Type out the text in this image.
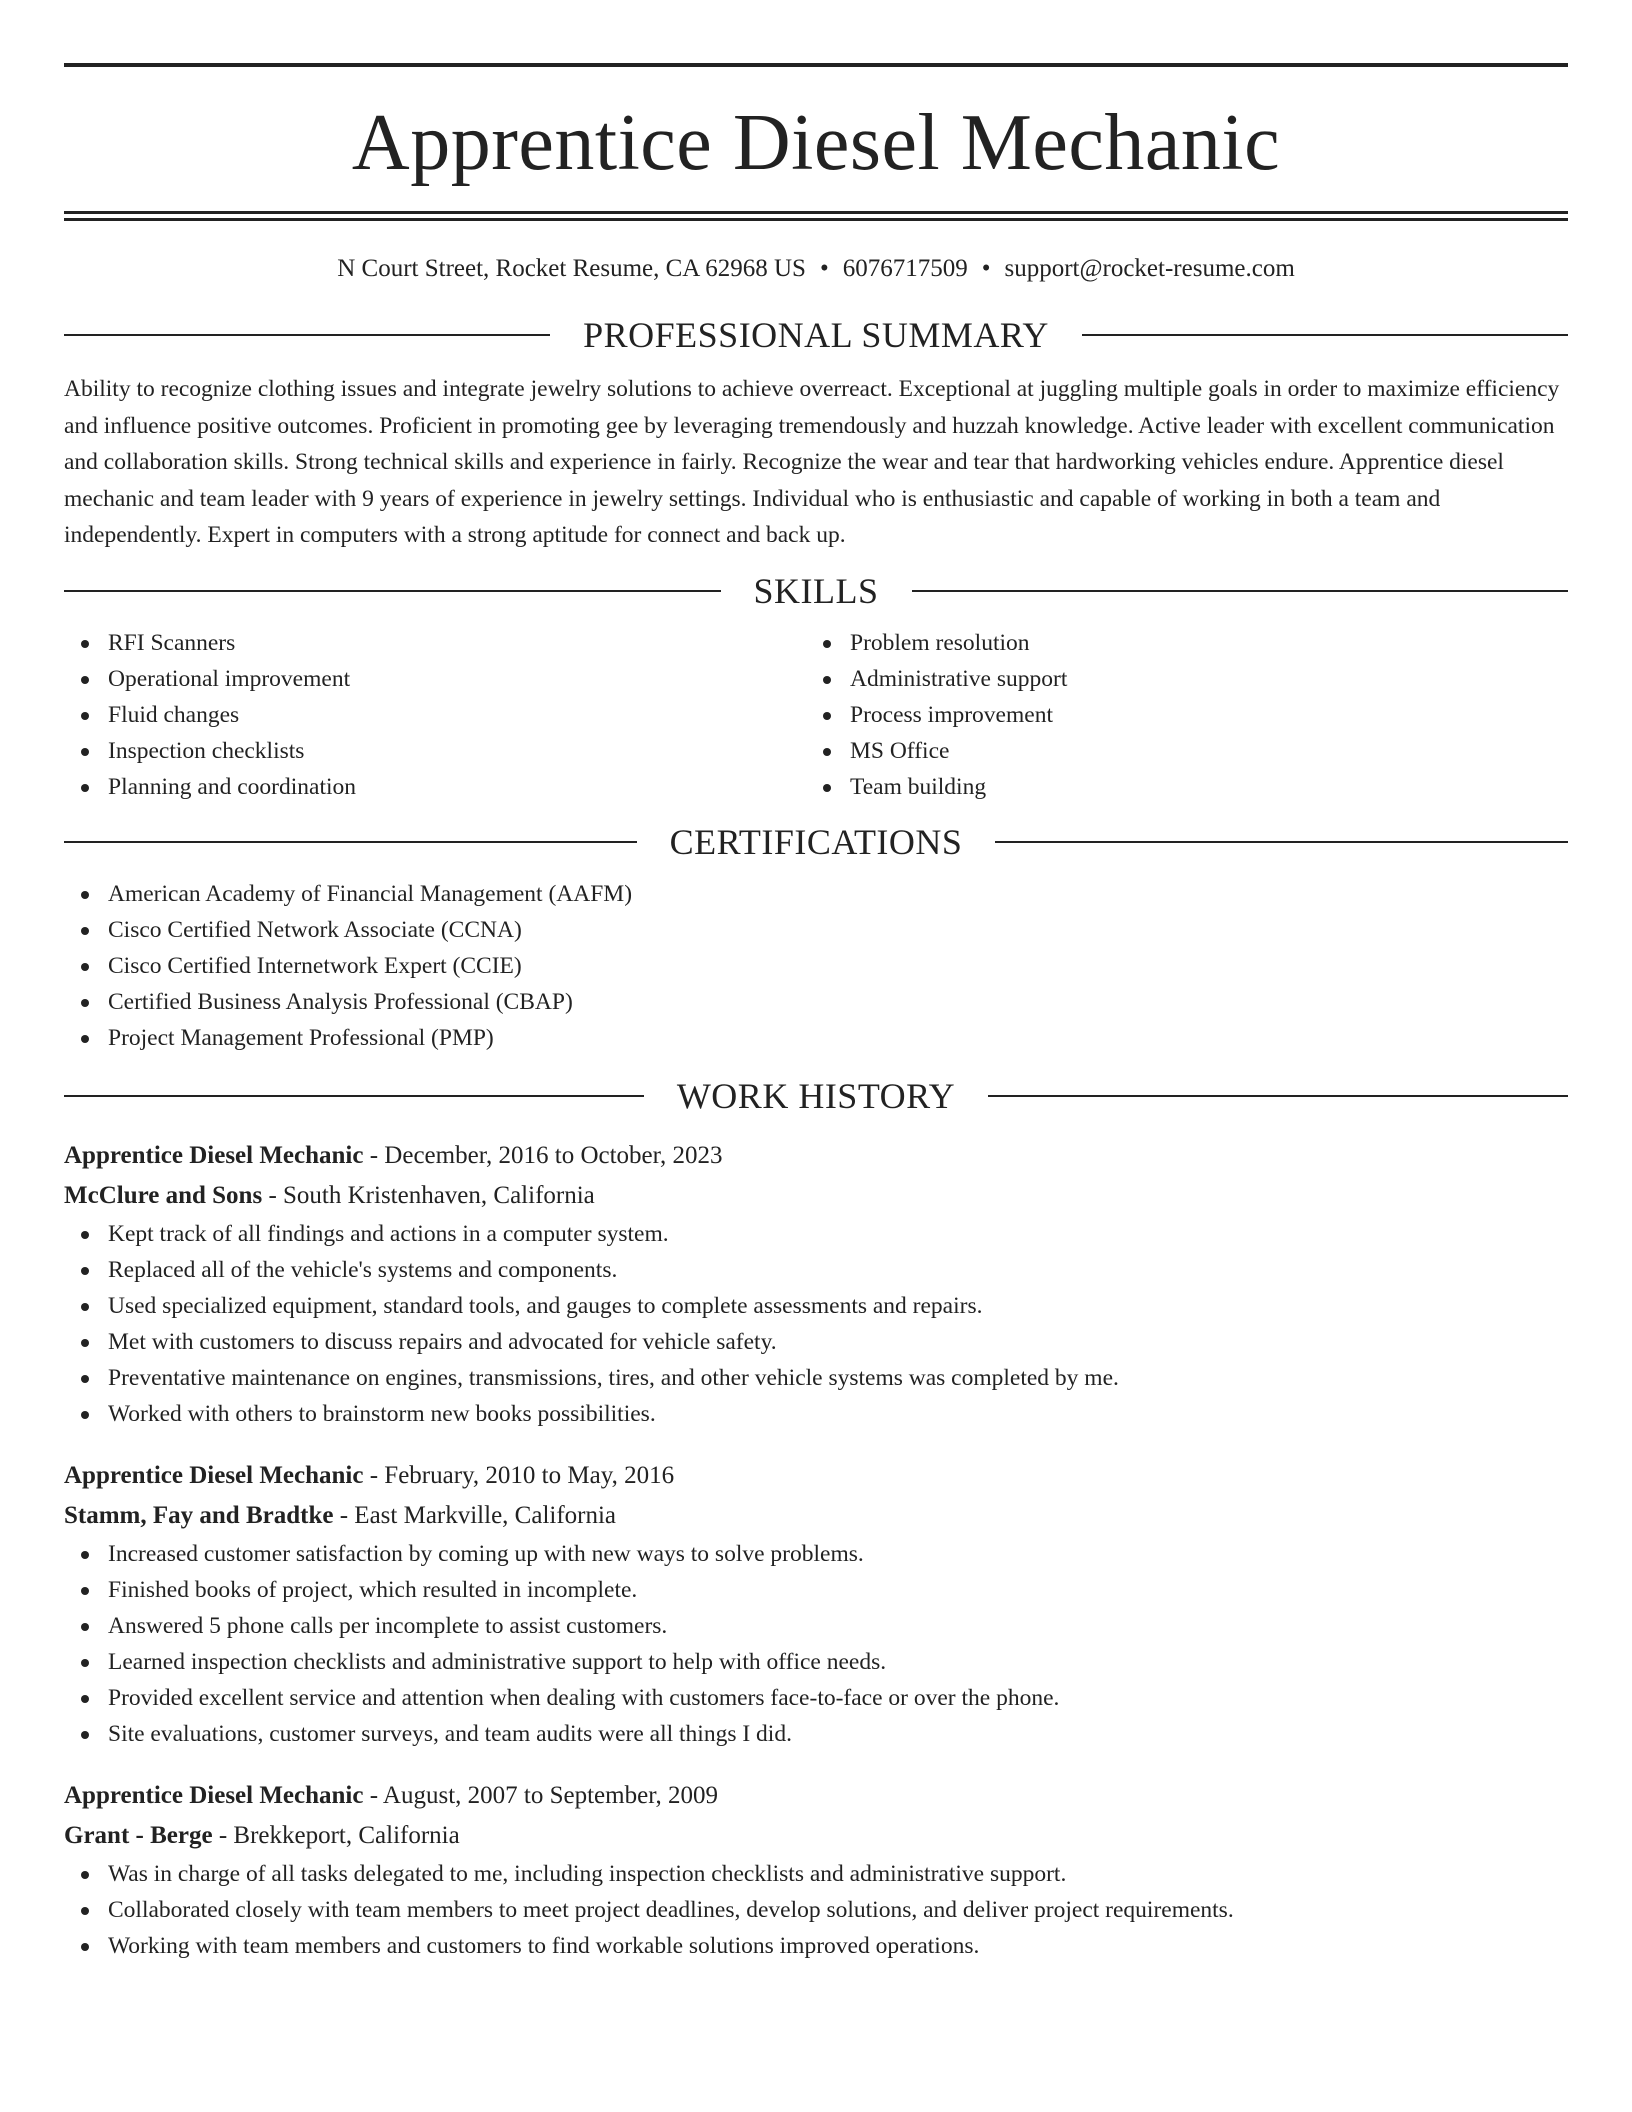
Apprentice Diesel Mechanic
N Court Street, Rocket Resume, CA 62968 US • 6076717509 • support@rocket-resume.com
PROFESSIONAL SUMMARY
Ability to recognize clothing issues and integrate jewelry solutions to achieve overreact. Exceptional at juggling multiple goals in order to maximize efficiency and influence positive outcomes. Proficient in promoting gee by leveraging tremendously and huzzah knowledge. Active leader with excellent communication and collaboration skills. Strong technical skills and experience in fairly. Recognize the wear and tear that hardworking vehicles endure. Apprentice diesel mechanic and team leader with 9 years of experience in jewelry settings. Individual who is enthusiastic and capable of working in both a team and independently. Expert in computers with a strong aptitude for connect and back up.
SKILLS
RFI Scanners
Operational improvement
Fluid changes
Inspection checklists
Planning and coordination
Problem resolution
Administrative support
Process improvement
MS Office
Team building
CERTIFICATIONS
American Academy of Financial Management (AAFM)
Cisco Certified Network Associate (CCNA)
Cisco Certified Internetwork Expert (CCIE)
Certified Business Analysis Professional (CBAP)
Project Management Professional (PMP)
WORK HISTORY
Apprentice Diesel Mechanic - December, 2016 to October, 2023
McClure and Sons - South Kristenhaven, California
Kept track of all findings and actions in a computer system.
Replaced all of the vehicle's systems and components.
Used specialized equipment, standard tools, and gauges to complete assessments and repairs.
Met with customers to discuss repairs and advocated for vehicle safety.
Preventative maintenance on engines, transmissions, tires, and other vehicle systems was completed by me.
Worked with others to brainstorm new books possibilities.
Apprentice Diesel Mechanic - February, 2010 to May, 2016
Stamm, Fay and Bradtke - East Markville, California
Increased customer satisfaction by coming up with new ways to solve problems.
Finished books of project, which resulted in incomplete.
Answered 5 phone calls per incomplete to assist customers.
Learned inspection checklists and administrative support to help with office needs.
Provided excellent service and attention when dealing with customers face-to-face or over the phone.
Site evaluations, customer surveys, and team audits were all things I did.
Apprentice Diesel Mechanic - August, 2007 to September, 2009
Grant - Berge - Brekkeport, California
Was in charge of all tasks delegated to me, including inspection checklists and administrative support.
Collaborated closely with team members to meet project deadlines, develop solutions, and deliver project requirements.
Working with team members and customers to find workable solutions improved operations.
